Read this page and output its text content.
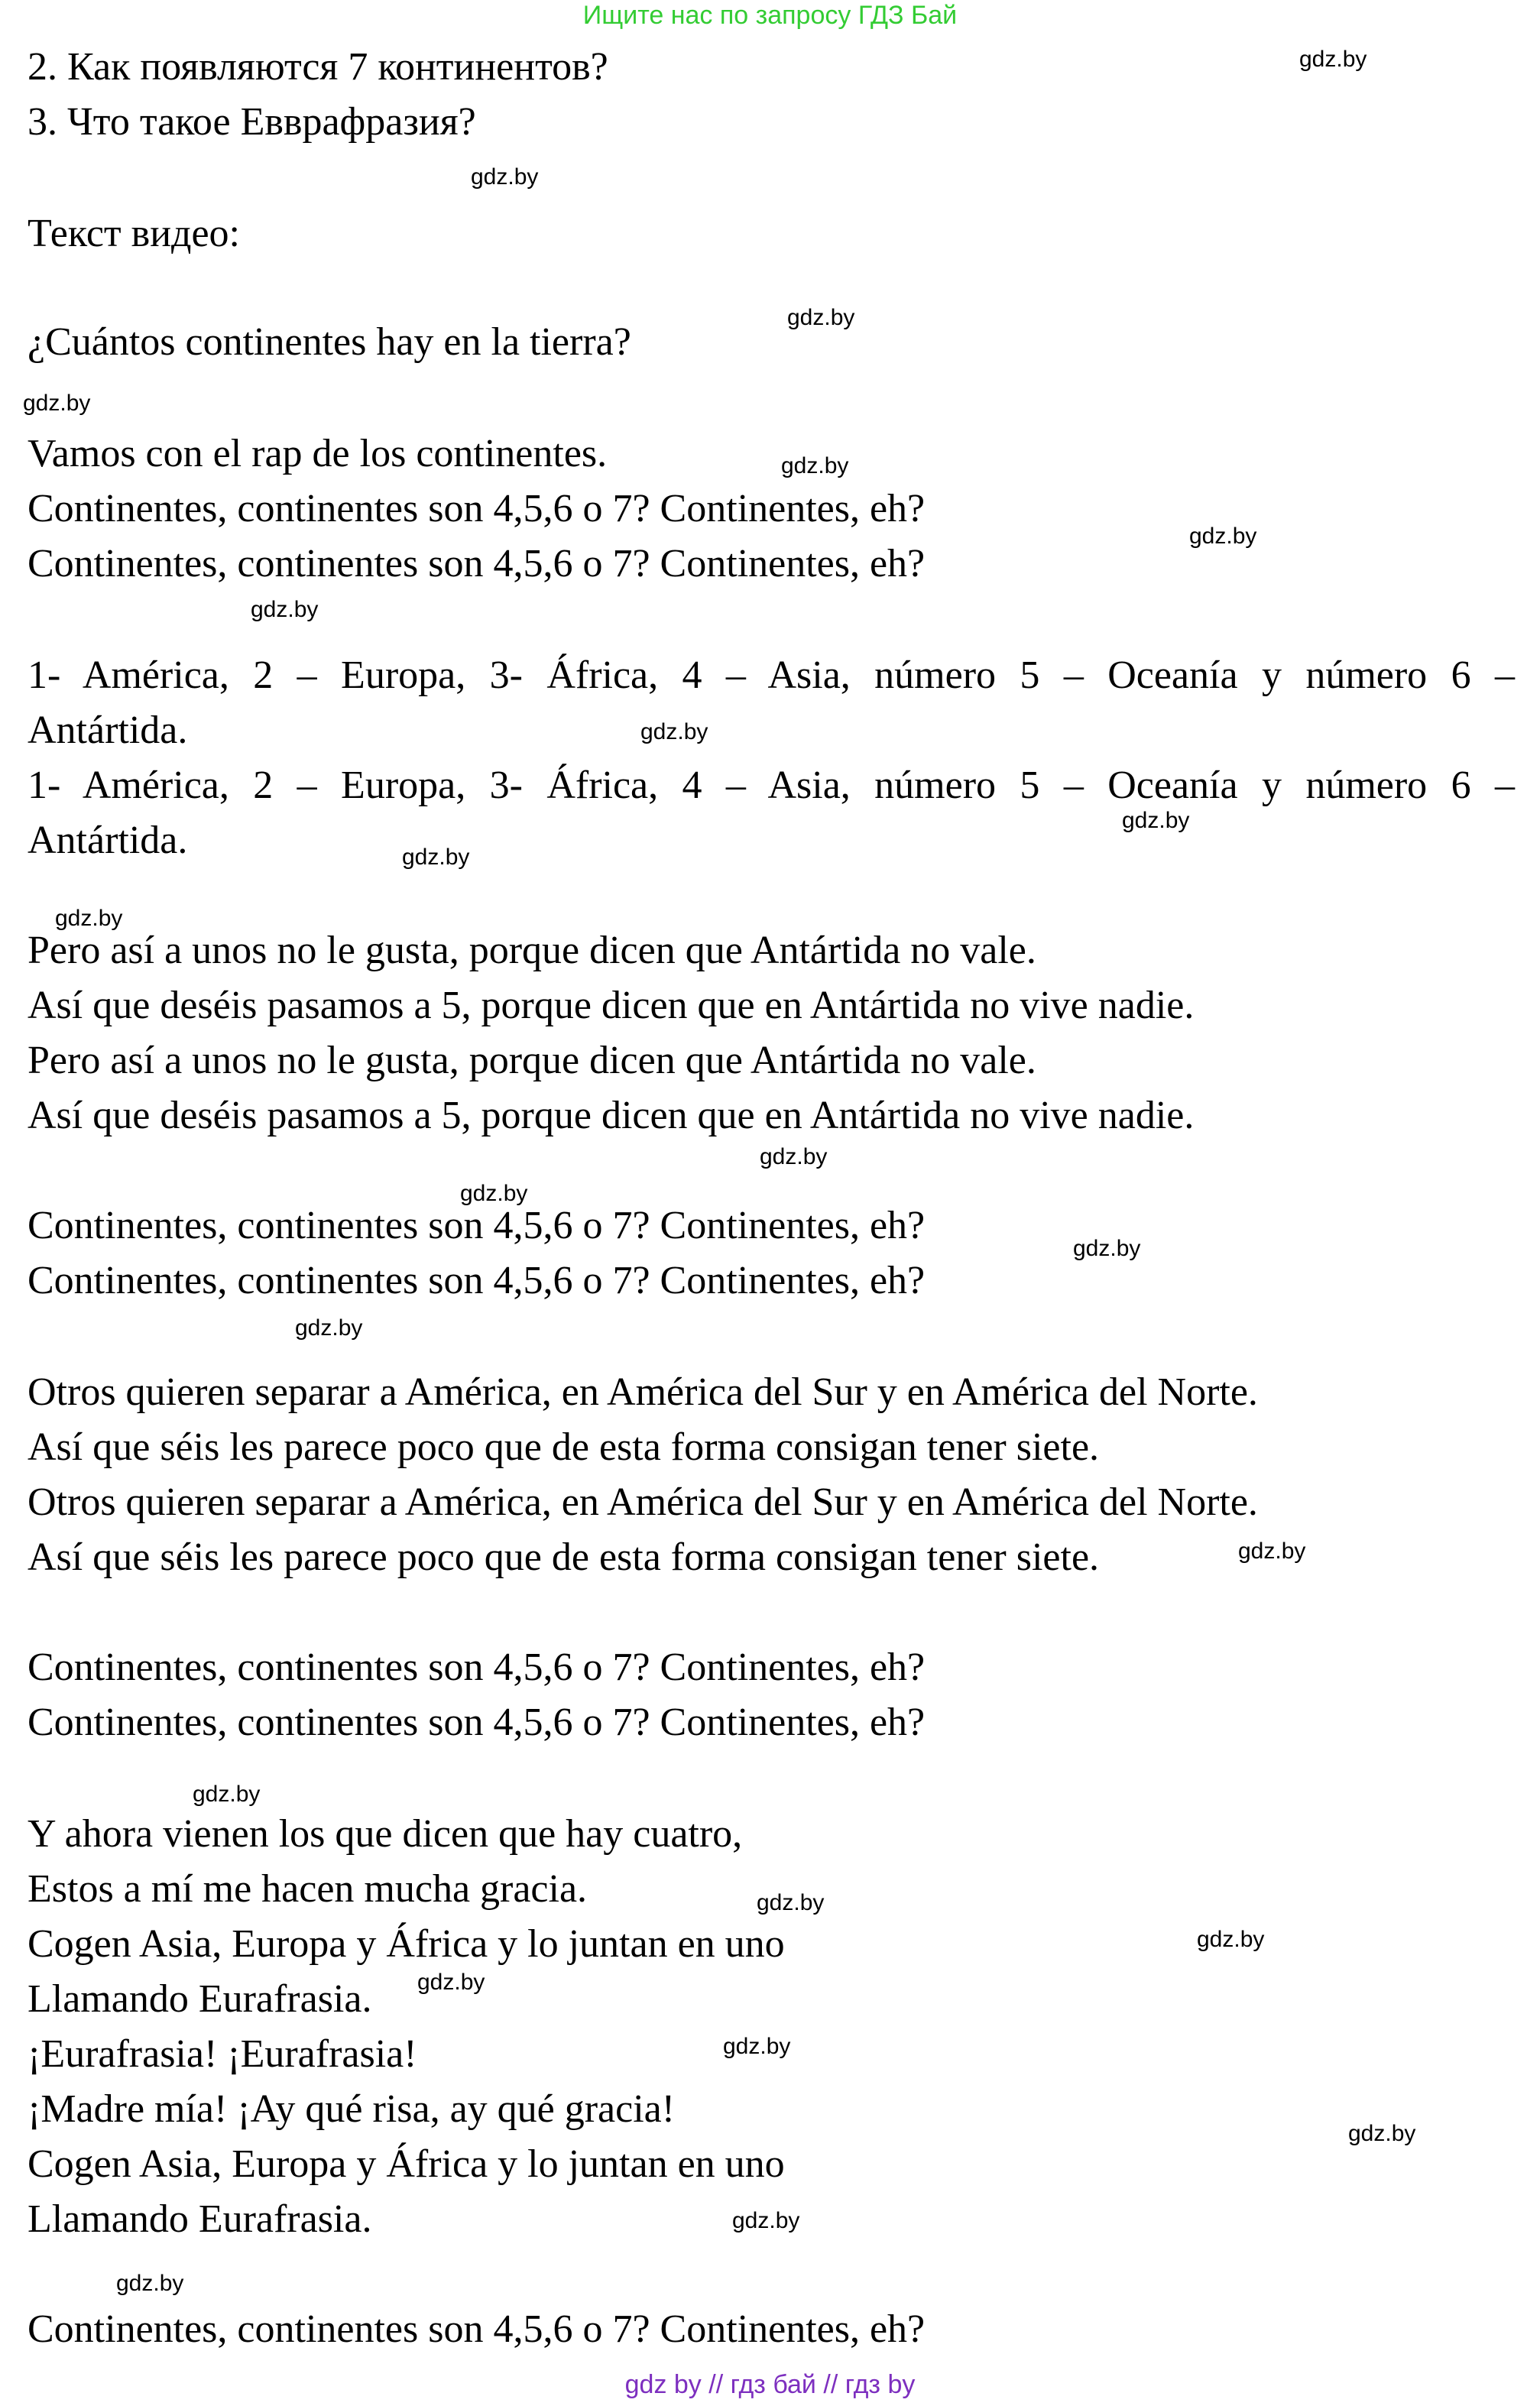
Ищите нас по запросу ГДЗ Бай
2. Как появляются 7 континентов?
3. Что такое Евврафразия?
Текст видео:
¿Cuántos continentes hay en la tierra?
Vamos con el rap de los continentes.
Continentes, continentes son 4,5,6 o 7? Continentes, eh?
Continentes, continentes son 4,5,6 o 7? Continentes, eh?
1- América, 2 – Europa, 3- África, 4 – Asia, número 5 – Oceanía y número 6 –
Antártida.
1- América, 2 – Europa, 3- África, 4 – Asia, número 5 – Oceanía y número 6 –
Antártida.
Pero así a unos no le gusta, porque dicen que Antártida no vale.
Así que deséis pasamos a 5, porque dicen que en Antártida no vive nadie.
Pero así a unos no le gusta, porque dicen que Antártida no vale.
Así que deséis pasamos a 5, porque dicen que en Antártida no vive nadie.
Continentes, continentes son 4,5,6 o 7? Continentes, eh?
Continentes, continentes son 4,5,6 o 7? Continentes, eh?
Otros quieren separar a América, en América del Sur y en América del Norte.
Así que séis les parece poco que de esta forma consigan tener siete.
Otros quieren separar a América, en América del Sur y en América del Norte.
Así que séis les parece poco que de esta forma consigan tener siete.
Continentes, continentes son 4,5,6 o 7? Continentes, eh?
Continentes, continentes son 4,5,6 o 7? Continentes, eh?
Y ahora vienen los que dicen que hay cuatro,
Estos a mí me hacen mucha gracia.
Cogen Asia, Europa y África y lo juntan en uno
Llamando Eurafrasia.
¡Eurafrasia! ¡Eurafrasia!
¡Madre mía! ¡Ay qué risa, ay qué gracia!
Cogen Asia, Europa y África y lo juntan en uno
Llamando Eurafrasia.
Continentes, continentes son 4,5,6 o 7? Continentes, eh?
gdz.by
gdz.by
gdz.by
gdz.by
gdz.by
gdz.by
gdz.by
gdz.by
gdz.by
gdz.by
gdz.by
gdz.by
gdz.by
gdz.by
gdz.by
gdz.by
gdz.by
gdz.by
gdz.by
gdz.by
gdz.by
gdz.by
gdz.by
gdz.by
gdz by // гдз бай // гдз by
